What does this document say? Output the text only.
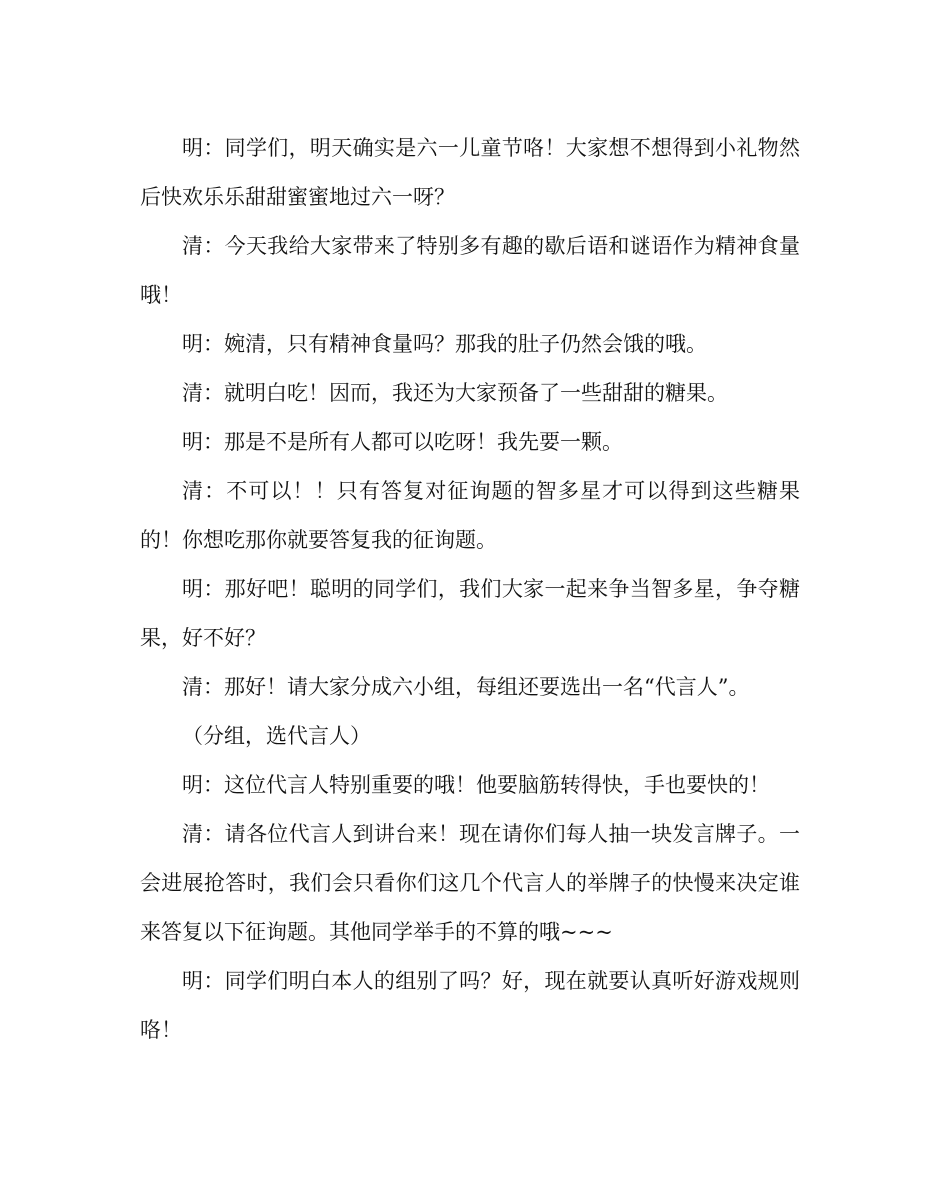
明：同学们，明天确实是六一儿童节咯！大家想不想得到小礼物然后快欢乐乐甜甜蜜蜜地过六一呀？

清：今天我给大家带来了特别多有趣的歇后语和谜语作为精神食量哦！

明：婉清，只有精神食量吗？那我的肚子仍然会饿的哦。

清：就明白吃！因而，我还为大家预备了一些甜甜的糖果。

明：那是不是所有人都可以吃呀！我先要一颗。

清：不可以！！只有答复对征询题的智多星才可以得到这些糖果的！你想吃那你就要答复我的征询题。

明：那好吧！聪明的同学们，我们大家一起来争当智多星，争夺糖果，好不好？

清：那好！请大家分成六小组，每组还要选出一名“代言人”。

（分组，选代言人）

明：这位代言人特别重要的哦！他要脑筋转得快，手也要快的！

清：请各位代言人到讲台来！现在请你们每人抽一块发言牌子。一会进展抢答时，我们会只看你们这几个代言人的举牌子的快慢来决定谁来答复以下征询题。其他同学举手的不算的哦~~~

明：同学们明白本人的组别了吗？好，现在就要认真听好游戏规则咯！
